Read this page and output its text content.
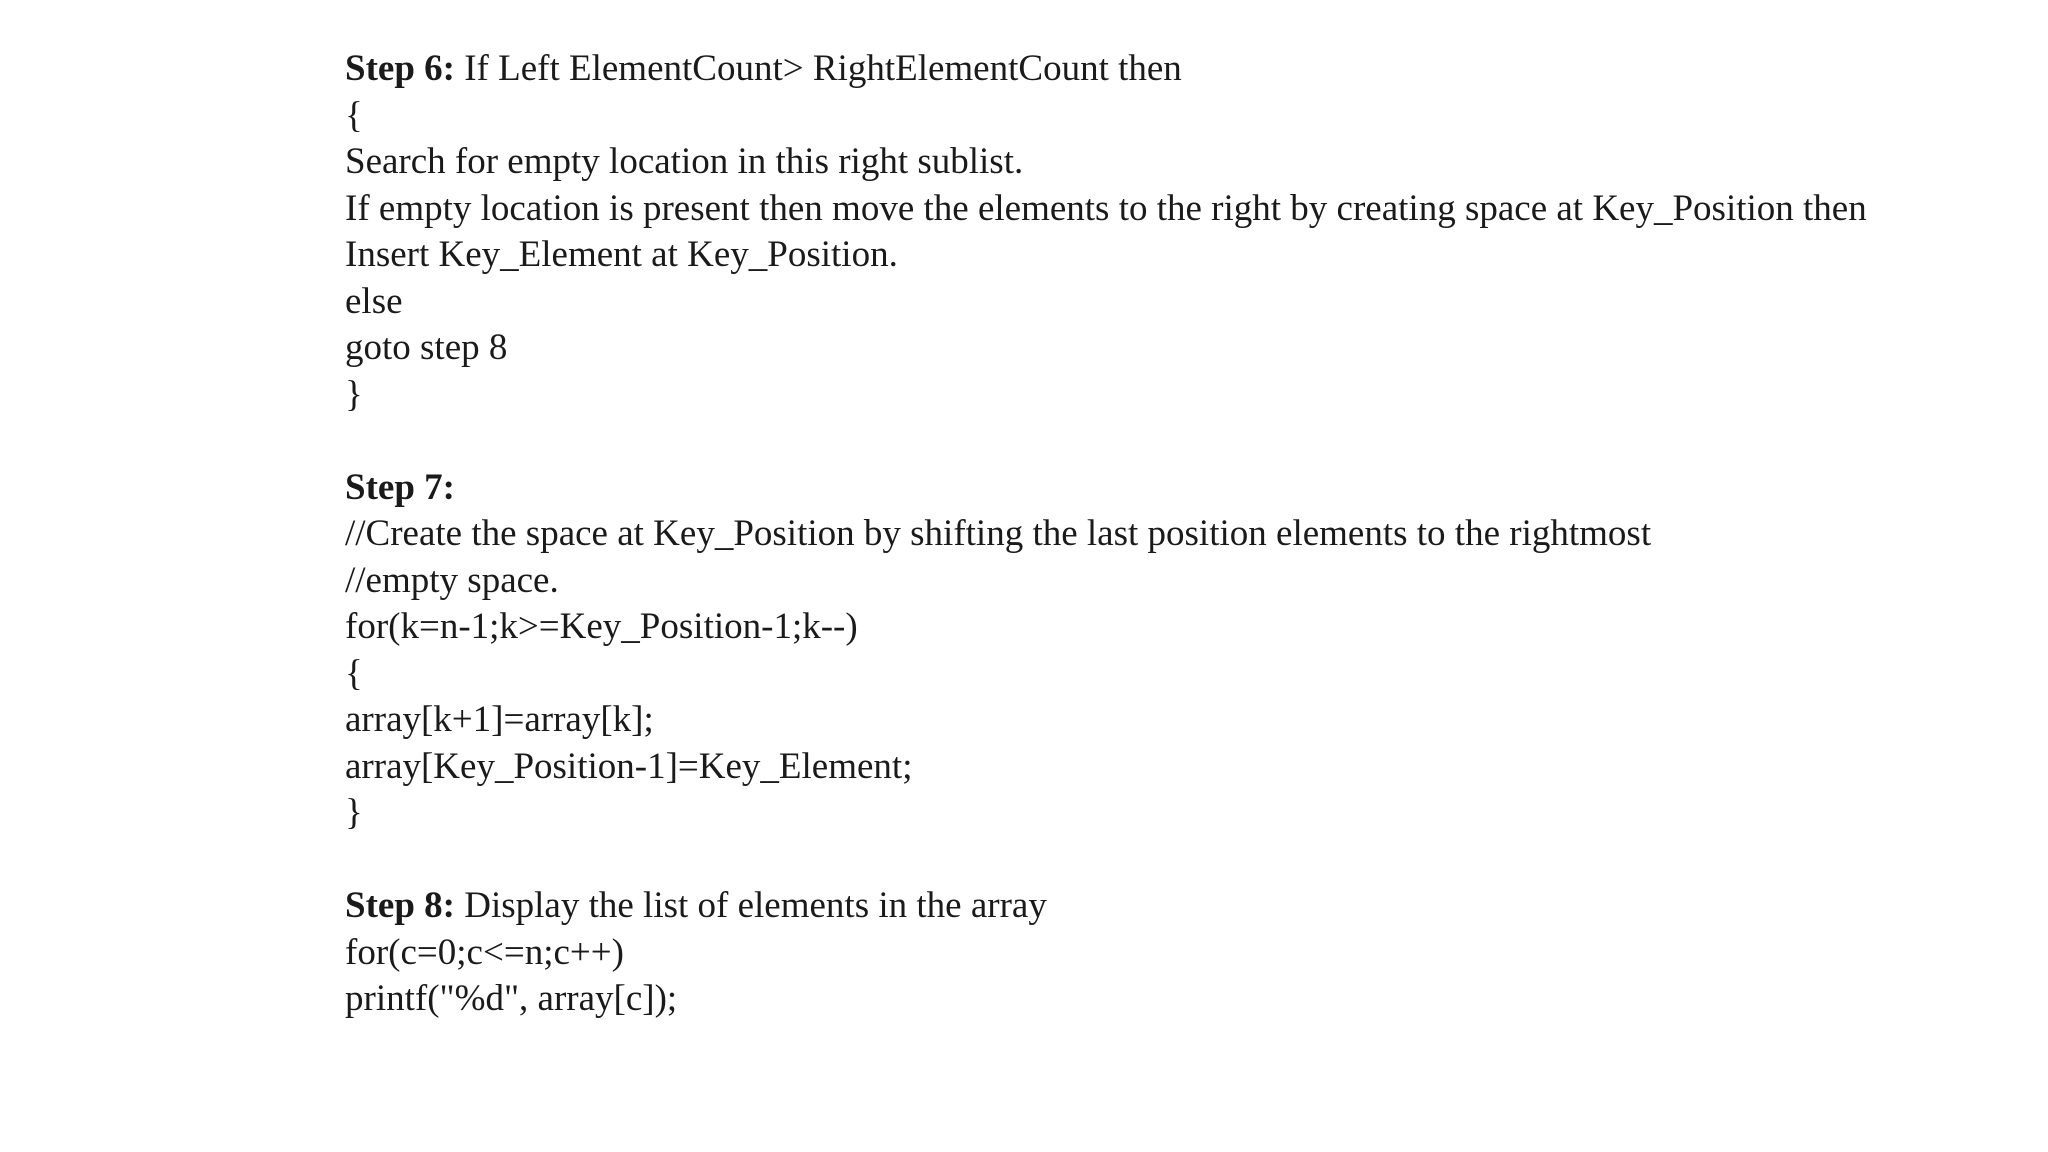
Step 6: If Left ElementCount> RightElementCount then
{
Search for empty location in this right sublist.
If empty location is present then move the elements to the right by creating space at Key_Position then
Insert Key_Element at Key_Position.
else
goto step 8
}
Step 7:
//Create the space at Key_Position by shifting the last position elements to the rightmost
//empty space.
for(k=n-1;k>=Key_Position-1;k--)
{
array[k+1]=array[k];
array[Key_Position-1]=Key_Element;
}
Step 8: Display the list of elements in the array
for(c=0;c<=n;c++)
printf("%d", array[c]);
